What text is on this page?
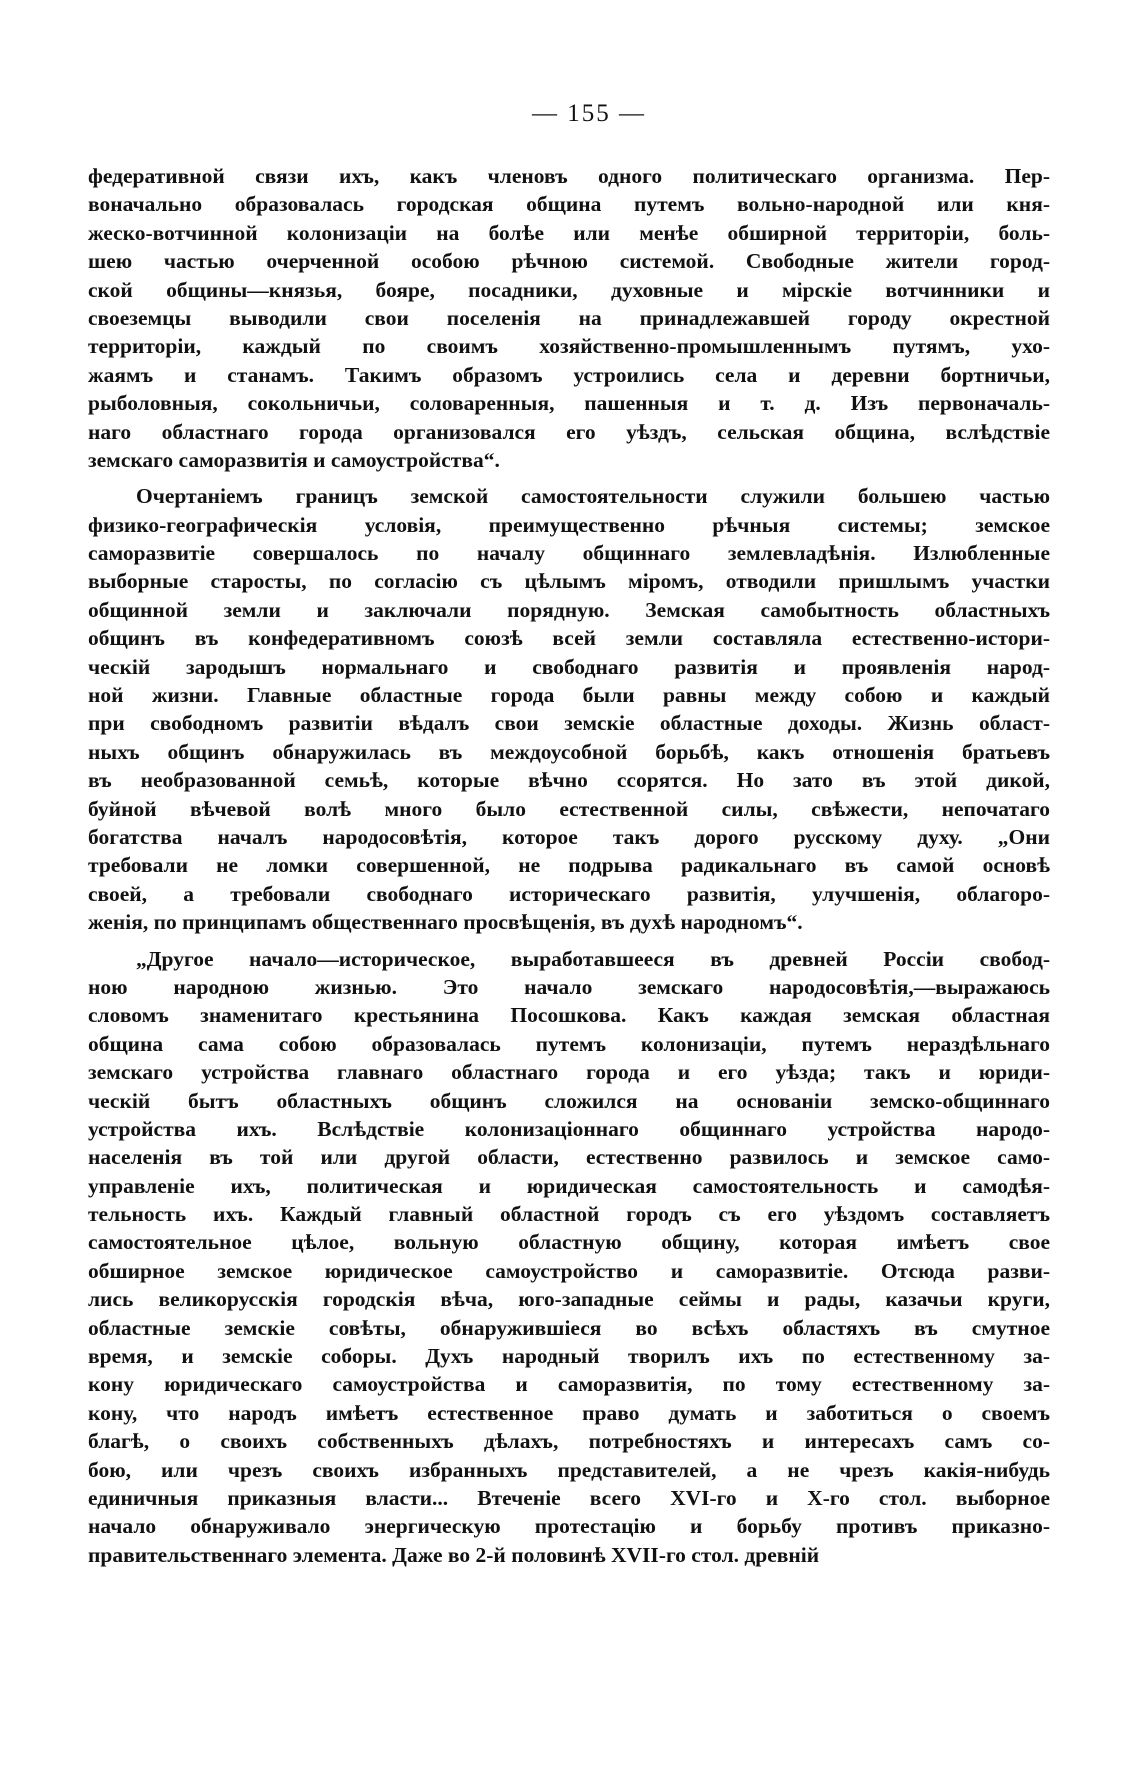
— 155 —
федеративной связи ихъ, какъ членовъ одного политическаго организма. Пер-
воначально образовалась городская община путемъ вольно-народной или кня-
жеско-вотчинной колонизаціи на болѣе или менѣе обширной территоріи, боль-
шею частью очерченной особою рѣчною системой. Свободные жители город-
ской общины—князья, бояре, посадники, духовные и мірскіе вотчинники и
своеземцы выводили свои поселенія на принадлежавшей городу окрестной
территоріи, каждый по своимъ хозяйственно-промышленнымъ путямъ, ухо-
жаямъ и станамъ. Такимъ образомъ устроились села и деревни бортничьи,
рыболовныя, сокольничьи, соловаренныя, пашенныя и т. д. Изъ первоначаль-
наго областнаго города организовался его уѣздъ, сельская община, вслѣдствіе
земскаго саморазвитія и самоустройства“.
Очертаніемъ границъ земской самостоятельности служили большею частью
физико-географическія условія, преимущественно рѣчныя системы; земское
саморазвитіе совершалось по началу общиннаго землевладѣнія. Излюбленные
выборные старосты, по согласію съ цѣлымъ міромъ, отводили пришлымъ участки
общинной земли и заключали порядную. Земская самобытность областныхъ
общинъ въ конфедеративномъ союзѣ всей земли составляла естественно-истори-
ческій зародышъ нормальнаго и свободнаго развитія и проявленія народ-
ной жизни. Главные областные города были равны между собою и каждый
при свободномъ развитіи вѣдалъ свои земскіе областные доходы. Жизнь област-
ныхъ общинъ обнаружилась въ междоусобной борьбѣ, какъ отношенія братьевъ
въ необразованной семьѣ, которые вѣчно ссорятся. Но зато въ этой дикой,
буйной вѣчевой волѣ много было естественной силы, свѣжести, непочатаго
богатства началъ народосовѣтія, которое такъ дорого русскому духу. „Они
требовали не ломки совершенной, не подрыва радикальнаго въ самой основѣ
своей, а требовали свободнаго историческаго развитія, улучшенія, облагоро-
женія, по принципамъ общественнаго просвѣщенія, въ духѣ народномъ“.
„Другое начало—историческое, выработавшееся въ древней Россіи свобод-
ною народною жизнью. Это начало земскаго народосовѣтія,—выражаюсь
словомъ знаменитаго крестьянина Посошкова. Какъ каждая земская областная
община сама собою образовалась путемъ колонизаціи, путемъ нераздѣльнаго
земскаго устройства главнаго областнаго города и его уѣзда; такъ и юриди-
ческій бытъ областныхъ общинъ сложился на основаніи земско-общиннаго
устройства ихъ. Вслѣдствіе колонизаціоннаго общиннаго устройства народо-
населенія въ той или другой области, естественно развилось и земское само-
управленіе ихъ, политическая и юридическая самостоятельность и самодѣя-
тельность ихъ. Каждый главный областной городъ съ его уѣздомъ составляетъ
самостоятельное цѣлое, вольную областную общину, которая имѣетъ свое
обширное земское юридическое самоустройство и саморазвитіе. Отсюда разви-
лись великорусскія городскія вѣча, юго-западные сеймы и рады, казачьи круги,
областные земскіе совѣты, обнаружившіеся во всѣхъ областяхъ въ смутное
время, и земскіе соборы. Духъ народный творилъ ихъ по естественному за-
кону юридическаго самоустройства и саморазвитія, по тому естественному за-
кону, что народъ имѣетъ естественное право думать и заботиться о своемъ
благѣ, о своихъ собственныхъ дѣлахъ, потребностяхъ и интересахъ самъ со-
бою, или чрезъ своихъ избранныхъ представителей, а не чрезъ какія-нибудь
единичныя приказныя власти... Втеченіе всего XVI-го и X-го стол. выборное
начало обнаруживало энергическую протестацію и борьбу противъ приказно-
правительственнаго элемента. Даже во 2-й половинѣ XVII-го стол. древній
